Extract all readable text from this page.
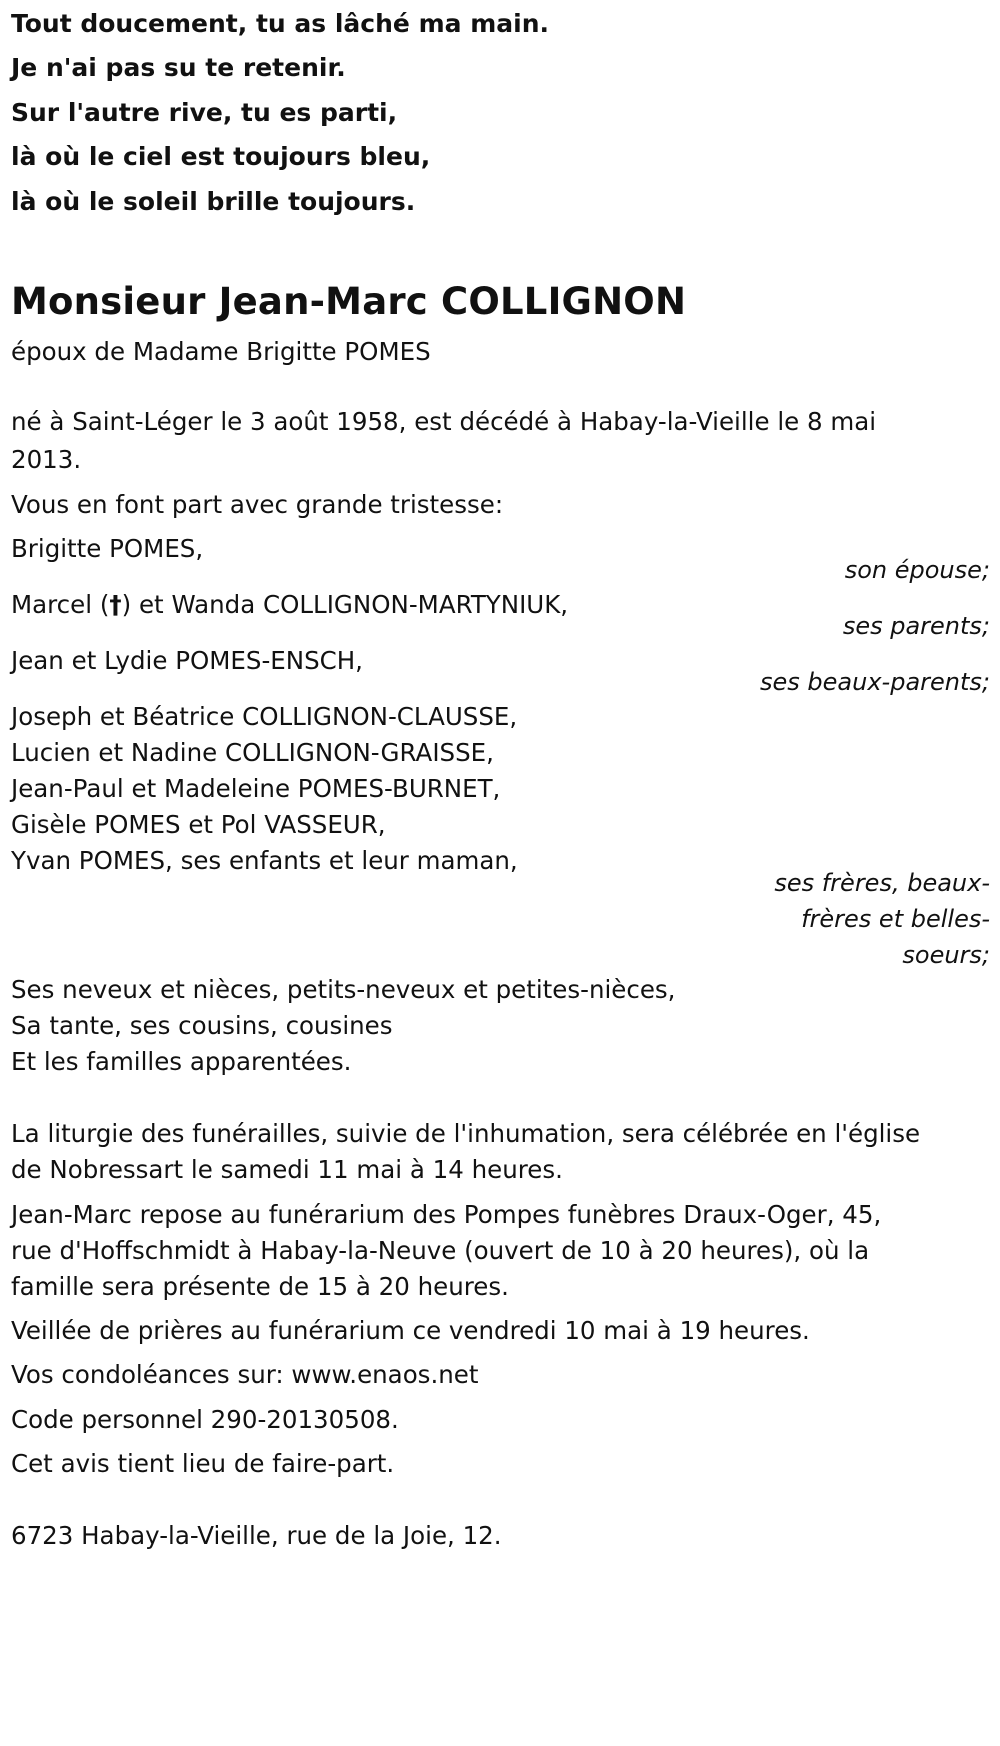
Tout doucement, tu as lâché ma main.
Je n'ai pas su te retenir.
Sur l'autre rive, tu es parti,
là où le ciel est toujours bleu,
là où le soleil brille toujours.
Monsieur Jean-Marc COLLIGNON
époux de Madame Brigitte POMES
né à Saint-Léger le 3 août 1958, est décédé à Habay-la-Vieille le 8 mai
2013.
Vous en font part avec grande tristesse:
Brigitte POMES,
son épouse;
Marcel (†) et Wanda COLLIGNON-MARTYNIUK,
ses parents;
Jean et Lydie POMES-ENSCH,
ses beaux-parents;
Joseph et Béatrice COLLIGNON-CLAUSSE,
Lucien et Nadine COLLIGNON-GRAISSE,
Jean-Paul et Madeleine POMES-BURNET,
Gisèle POMES et Pol VASSEUR,
Yvan POMES, ses enfants et leur maman,
ses frères, beaux-
frères et belles-
soeurs;
Ses neveux et nièces, petits-neveux et petites-nièces,
Sa tante, ses cousins, cousines
Et les familles apparentées.
La liturgie des funérailles, suivie de l'inhumation, sera célébrée en l'église
de Nobressart le samedi 11 mai à 14 heures.
Jean-Marc repose au funérarium des Pompes funèbres Draux-Oger, 45,
rue d'Hoffschmidt à Habay-la-Neuve (ouvert de 10 à 20 heures), où la
famille sera présente de 15 à 20 heures.
Veillée de prières au funérarium ce vendredi 10 mai à 19 heures.
Vos condoléances sur: www.enaos.net
Code personnel 290-20130508.
Cet avis tient lieu de faire-part.
6723 Habay-la-Vieille, rue de la Joie, 12.
